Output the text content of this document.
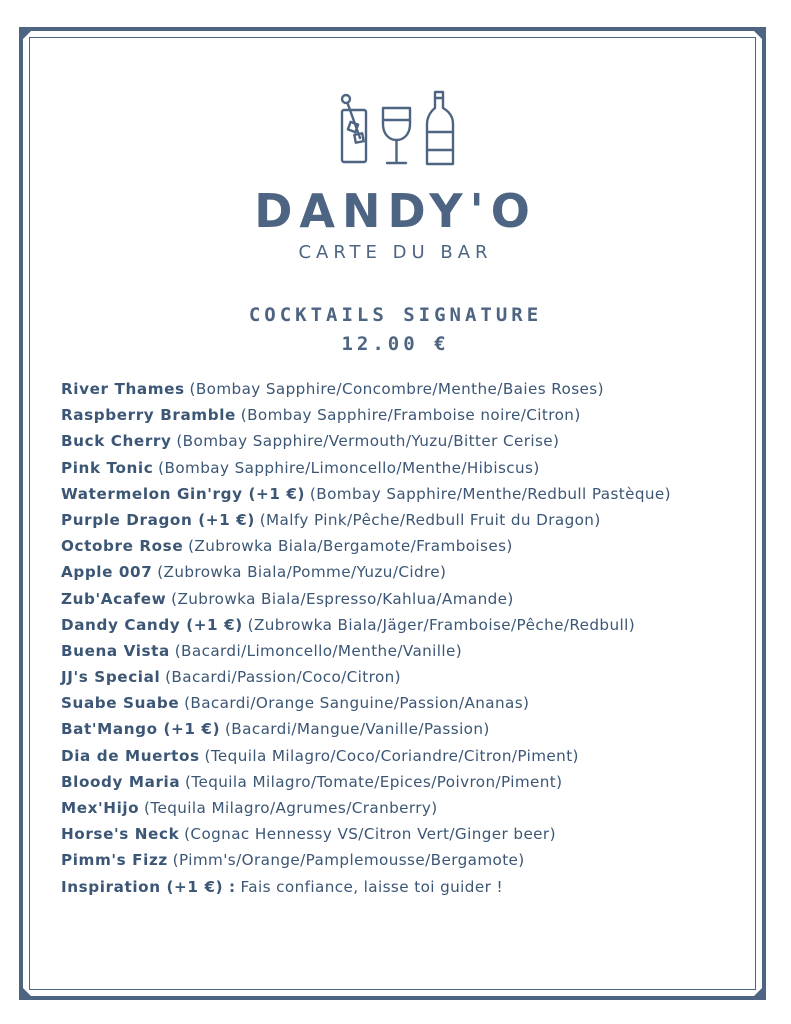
DANDY'O
CARTE DU BAR
COCKTAILS SIGNATURE
12.00 €
River Thames (Bombay Sapphire/Concombre/Menthe/Baies Roses)
Raspberry Bramble (Bombay Sapphire/Framboise noire/Citron)
Buck Cherry (Bombay Sapphire/Vermouth/Yuzu/Bitter Cerise)
Pink Tonic (Bombay Sapphire/Limoncello/Menthe/Hibiscus)
Watermelon Gin'rgy (+1 €) (Bombay Sapphire/Menthe/Redbull Pastèque)
Purple Dragon (+1 €) (Malfy Pink/Pêche/Redbull Fruit du Dragon)
Octobre Rose (Zubrowka Biala/Bergamote/Framboises)
Apple 007 (Zubrowka Biala/Pomme/Yuzu/Cidre)
Zub'Acafew (Zubrowka Biala/Espresso/Kahlua/Amande)
Dandy Candy (+1 €) (Zubrowka Biala/Jäger/Framboise/Pêche/Redbull)
Buena Vista (Bacardi/Limoncello/Menthe/Vanille)
JJ's Special (Bacardi/Passion/Coco/Citron)
Suabe Suabe (Bacardi/Orange Sanguine/Passion/Ananas)
Bat'Mango (+1 €) (Bacardi/Mangue/Vanille/Passion)
Dia de Muertos (Tequila Milagro/Coco/Coriandre/Citron/Piment)
Bloody Maria (Tequila Milagro/Tomate/Epices/Poivron/Piment)
Mex'Hijo (Tequila Milagro/Agrumes/Cranberry)
Horse's Neck (Cognac Hennessy VS/Citron Vert/Ginger beer)
Pimm's Fizz (Pimm's/Orange/Pamplemousse/Bergamote)
Inspiration (+1 €) : Fais confiance, laisse toi guider !
